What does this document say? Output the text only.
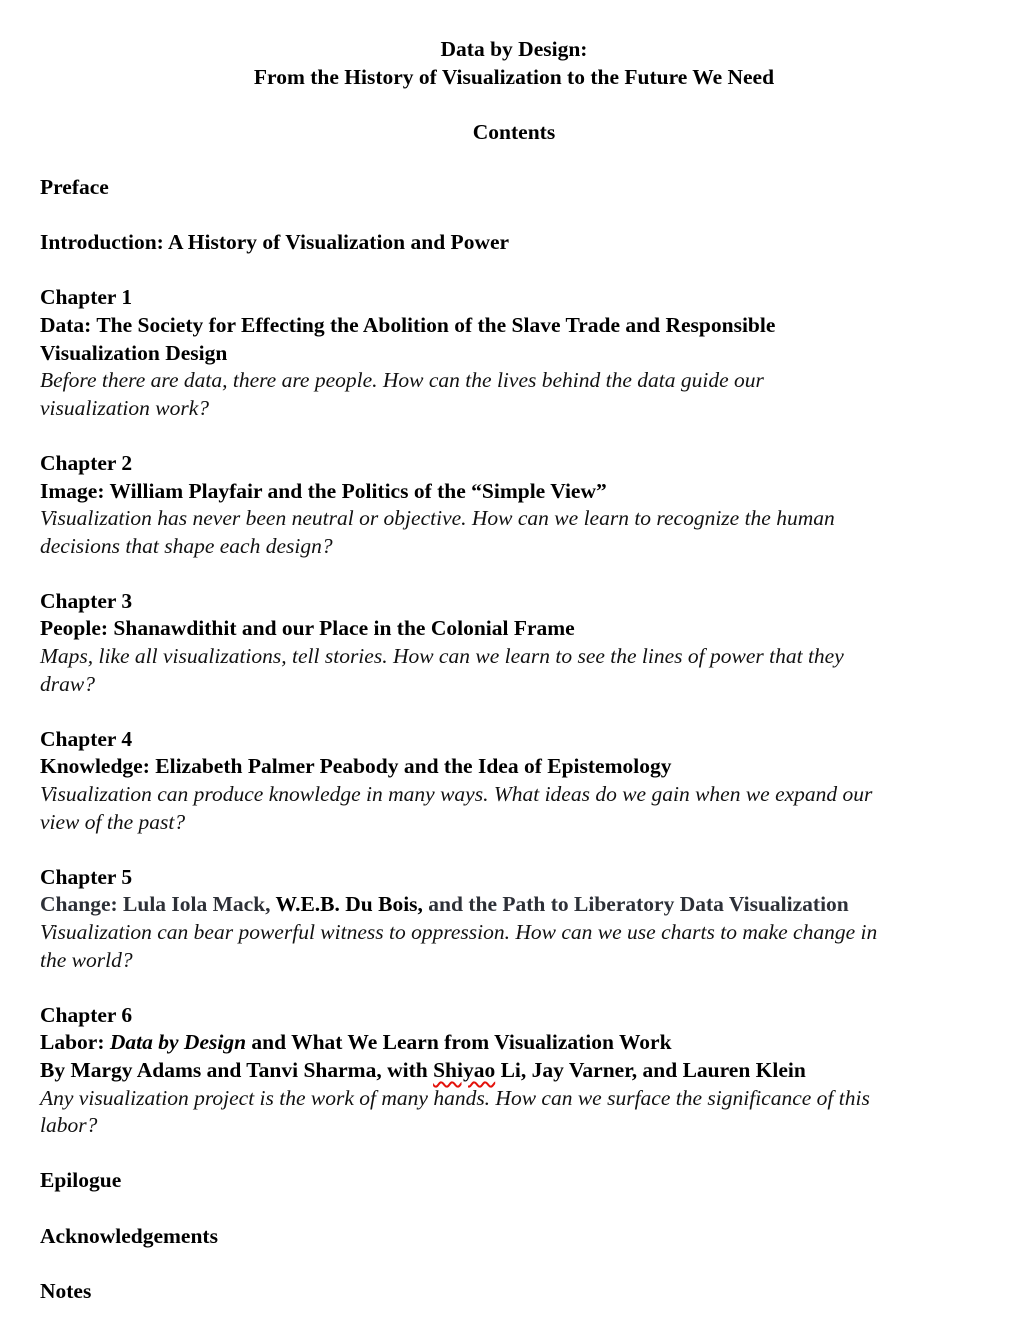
Data by Design:
From the History of Visualization to the Future We Need
Contents
Preface
Introduction: A History of Visualization and Power
Chapter 1
Data: The Society for Effecting the Abolition of the Slave Trade and Responsible
Visualization Design
Before there are data, there are people. How can the lives behind the data guide our
visualization work?
Chapter 2
Image: William Playfair and the Politics of the “Simple View”
Visualization has never been neutral or objective. How can we learn to recognize the human
decisions that shape each design?
Chapter 3
People: Shanawdithit and our Place in the Colonial Frame
Maps, like all visualizations, tell stories. How can we learn to see the lines of power that they
draw?
Chapter 4
Knowledge: Elizabeth Palmer Peabody and the Idea of Epistemology
Visualization can produce knowledge in many ways. What ideas do we gain when we expand our
view of the past?
Chapter 5
Change: Lula Iola Mack, W.E.B. Du Bois, and the Path to Liberatory Data Visualization
Visualization can bear powerful witness to oppression. How can we use charts to make change in
the world?
Chapter 6
Labor: Data by Design and What We Learn from Visualization Work
By Margy Adams and Tanvi Sharma, with Shiyao Li, Jay Varner, and Lauren Klein
Any visualization project is the work of many hands. How can we surface the significance of this
labor?
Epilogue
Acknowledgements
Notes
